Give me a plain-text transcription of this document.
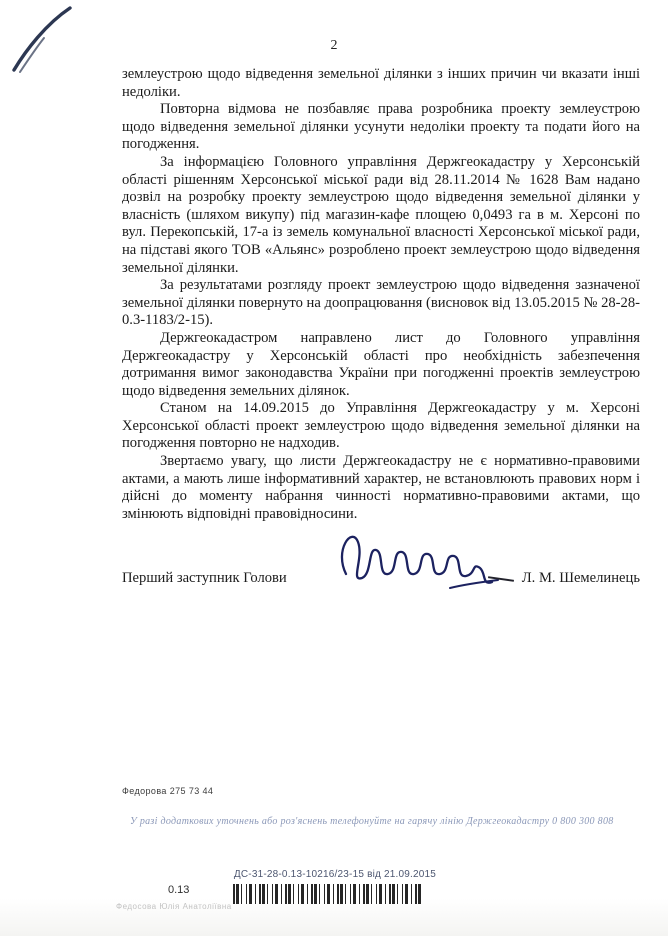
2

землеустрою щодо відведення земельної ділянки з інших причин чи вказати інші недоліки.

Повторна відмова не позбавляє права розробника проекту землеустрою щодо відведення земельної ділянки усунути недоліки проекту та подати його на погодження.

За інформацією Головного управління Держгеокадастру у Херсонській області рішенням Херсонської міської ради від 28.11.2014 № 1628 Вам надано дозвіл на розробку проекту землеустрою щодо відведення земельної ділянки у власність (шляхом викупу) під магазин-кафе площею 0,0493 га в м. Херсоні по вул. Перекопській, 17-а із земель комунальної власності Херсонської міської ради, на підставі якого ТОВ «Альянс» розроблено проект землеустрою щодо відведення земельної ділянки.

За результатами розгляду проект землеустрою щодо відведення зазначеної земельної ділянки повернуто на доопрацювання (висновок від 13.05.2015 № 28-28-0.3-1183/2-15).

Держгеокадастром направлено лист до Головного управління Держгеокадастру у Херсонській області про необхідність забезпечення дотримання вимог законодавства України при погодженні проектів землеустрою щодо відведення земельних ділянок.

Станом на 14.09.2015 до Управління Держгеокадастру у м. Херсоні Херсонської області проект землеустрою щодо відведення земельної ділянки на погодження повторно не надходив.

Звертаємо увагу, що листи Держгеокадастру не є нормативно-правовими актами, а мають лише інформативний характер, не встановлюють правових норм і дійсні до моменту набрання чинності нормативно-правовими актами, що змінюють відповідні правовідносини.

Перший заступник Голови	Л. М. Шемелинець
Федорова 275 73 44
У разі додаткових уточнень або роз'яснень телефонуйте на гарячу лінію Держгеокадастру 0 800 300 808
ДС-31-28-0.13-10216/23-15 від 21.09.2015
0.13
Федосова Юлія Анатоліївна
